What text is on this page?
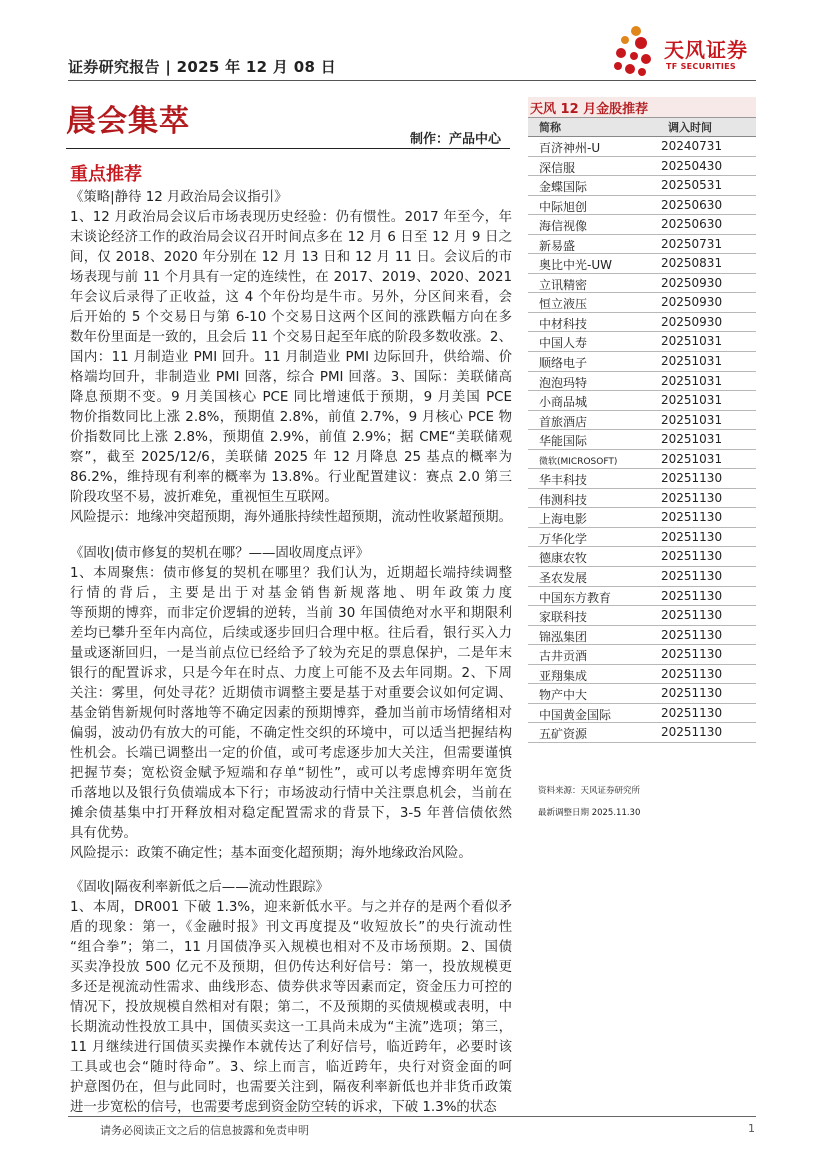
证券研究报告 | 2025 年 12 月 08 日
天风证券
TF SECURITIES
晨会集萃
制作：产品中心
重点推荐
《策略|静待 12 月政治局会议指引》
1、12 月政治局会议后市场表现历史经验：仍有惯性。2017 年至今，年
末谈论经济工作的政治局会议召开时间点多在 12 月 6 日至 12 月 9 日之
间，仅 2018、2020 年分别在 12 月 13 日和 12 月 11 日。会议后的市
场表现与前 11 个月具有一定的连续性，在 2017、2019、2020、2021
年会议后录得了正收益，这 4 个年份均是牛市。另外，分区间来看，会
后开始的 5 个交易日与第 6-10 个交易日这两个区间的涨跌幅方向在多
数年份里面是一致的，且会后 11 个交易日起至年底的阶段多数收涨。2、
国内：11 月制造业 PMI 回升。11 月制造业 PMI 边际回升，供给端、价
格端均回升，非制造业 PMI 回落，综合 PMI 回落。3、国际：美联储高
降息预期不变。9 月美国核心 PCE 同比增速低于预期，9 月美国 PCE
物价指数同比上涨 2.8%，预期值 2.8%，前值 2.7%，9 月核心 PCE 物
价指数同比上涨 2.8%，预期值 2.9%，前值 2.9%；据 CME“美联储观
察”，截至 2025/12/6，美联储 2025 年 12 月降息 25 基点的概率为
86.2%，维持现有利率的概率为 13.8%。行业配置建议：赛点 2.0 第三
阶段攻坚不易，波折难免，重视恒生互联网。
风险提示：地缘冲突超预期，海外通胀持续性超预期，流动性收紧超预期。
《固收|债市修复的契机在哪？——固收周度点评》
1、本周聚焦：债市修复的契机在哪里？我们认为，近期超长端持续调整
行情的背后，主要是出于对基金销售新规落地、明年政策力度
等预期的博弈，而非定价逻辑的逆转，当前 30 年国债绝对水平和期限利
差均已攀升至年内高位，后续或逐步回归合理中枢。往后看，银行买入力
量或逐渐回归，一是当前点位已经给予了较为充足的票息保护，二是年末
银行的配置诉求，只是今年在时点、力度上可能不及去年同期。2、下周
关注：雾里，何处寻花？近期债市调整主要是基于对重要会议如何定调、
基金销售新规何时落地等不确定因素的预期博弈，叠加当前市场情绪相对
偏弱，波动仍有放大的可能，不确定性交织的环境中，可以适当把握结构
性机会。长端已调整出一定的价值，或可考虑逐步加大关注，但需要谨慎
把握节奏；宽松资金赋予短端和存单“韧性”，或可以考虑博弈明年宽货
币落地以及银行负债端成本下行；市场波动行情中关注票息机会，当前在
摊余债基集中打开释放相对稳定配置需求的背景下，3-5 年普信债依然
具有优势。
风险提示：政策不确定性；基本面变化超预期；海外地缘政治风险。
《固收|隔夜利率新低之后——流动性跟踪》
1、本周，DR001 下破 1.3%，迎来新低水平。与之并存的是两个看似矛
盾的现象：第一，《金融时报》刊文再度提及“收短放长”的央行流动性
“组合拳”；第二，11 月国债净买入规模也相对不及市场预期。2、国债
买卖净投放 500 亿元不及预期，但仍传达利好信号：第一，投放规模更
多还是视流动性需求、曲线形态、债券供求等因素而定，资金压力可控的
情况下，投放规模自然相对有限；第二，不及预期的买债规模或表明，中
长期流动性投放工具中，国债买卖这一工具尚未成为“主流”选项；第三，
11 月继续进行国债买卖操作本就传达了利好信号，临近跨年，必要时该
工具或也会“随时待命”。3、综上而言，临近跨年，央行对资金面的呵
护意图仍在，但与此同时，也需要关注到，隔夜利率新低也并非货币政策
进一步宽松的信号，也需要考虑到资金防空转的诉求，下破 1.3%的状态
天风 12 月金股推荐
简称	调入时间
百济神州-U	20240731
深信服	20250430
金蝶国际	20250531
中际旭创	20250630
海信视像	20250630
新易盛	20250731
奥比中光-UW	20250831
立讯精密	20250930
恒立液压	20250930
中材科技	20250930
中国人寿	20251031
顺络电子	20251031
泡泡玛特	20251031
小商品城	20251031
首旅酒店	20251031
华能国际	20251031
微软(MICROSOFT)	20251031
华丰科技	20251130
伟测科技	20251130
上海电影	20251130
万华化学	20251130
德康农牧	20251130
圣农发展	20251130
中国东方教育	20251130
家联科技	20251130
锦泓集团	20251130
古井贡酒	20251130
亚翔集成	20251130
物产中大	20251130
中国黄金国际	20251130
五矿资源	20251130
资料来源：天风证券研究所
最新调整日期 2025.11.30
请务必阅读正文之后的信息披露和免责申明	1
